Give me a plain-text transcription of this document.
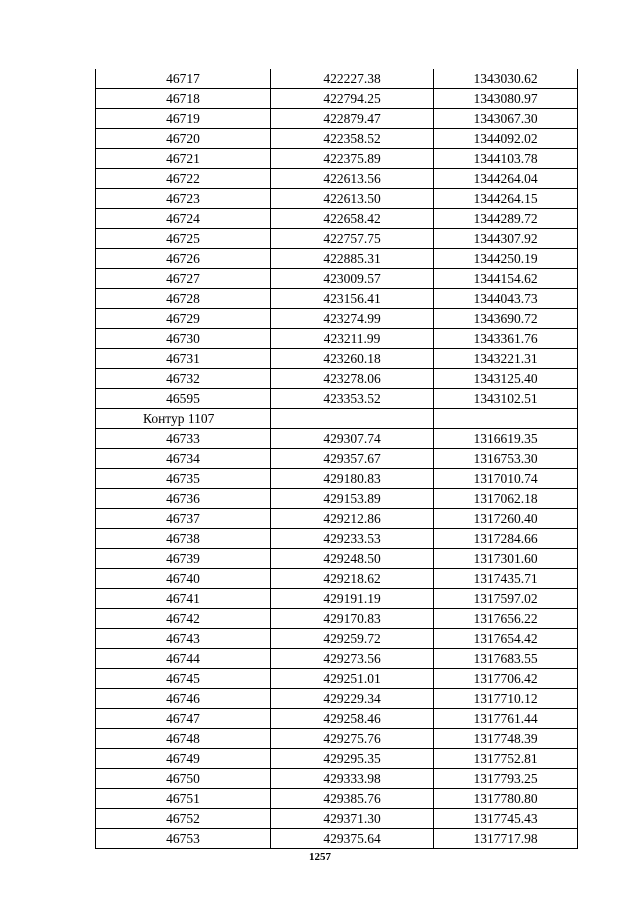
46717	422227.38	1343030.62
46718	422794.25	1343080.97
46719	422879.47	1343067.30
46720	422358.52	1344092.02
46721	422375.89	1344103.78
46722	422613.56	1344264.04
46723	422613.50	1344264.15
46724	422658.42	1344289.72
46725	422757.75	1344307.92
46726	422885.31	1344250.19
46727	423009.57	1344154.62
46728	423156.41	1344043.73
46729	423274.99	1343690.72
46730	423211.99	1343361.76
46731	423260.18	1343221.31
46732	423278.06	1343125.40
46595	423353.52	1343102.51
Контур 1107		
46733	429307.74	1316619.35
46734	429357.67	1316753.30
46735	429180.83	1317010.74
46736	429153.89	1317062.18
46737	429212.86	1317260.40
46738	429233.53	1317284.66
46739	429248.50	1317301.60
46740	429218.62	1317435.71
46741	429191.19	1317597.02
46742	429170.83	1317656.22
46743	429259.72	1317654.42
46744	429273.56	1317683.55
46745	429251.01	1317706.42
46746	429229.34	1317710.12
46747	429258.46	1317761.44
46748	429275.76	1317748.39
46749	429295.35	1317752.81
46750	429333.98	1317793.25
46751	429385.76	1317780.80
46752	429371.30	1317745.43
46753	429375.64	1317717.98
1257
